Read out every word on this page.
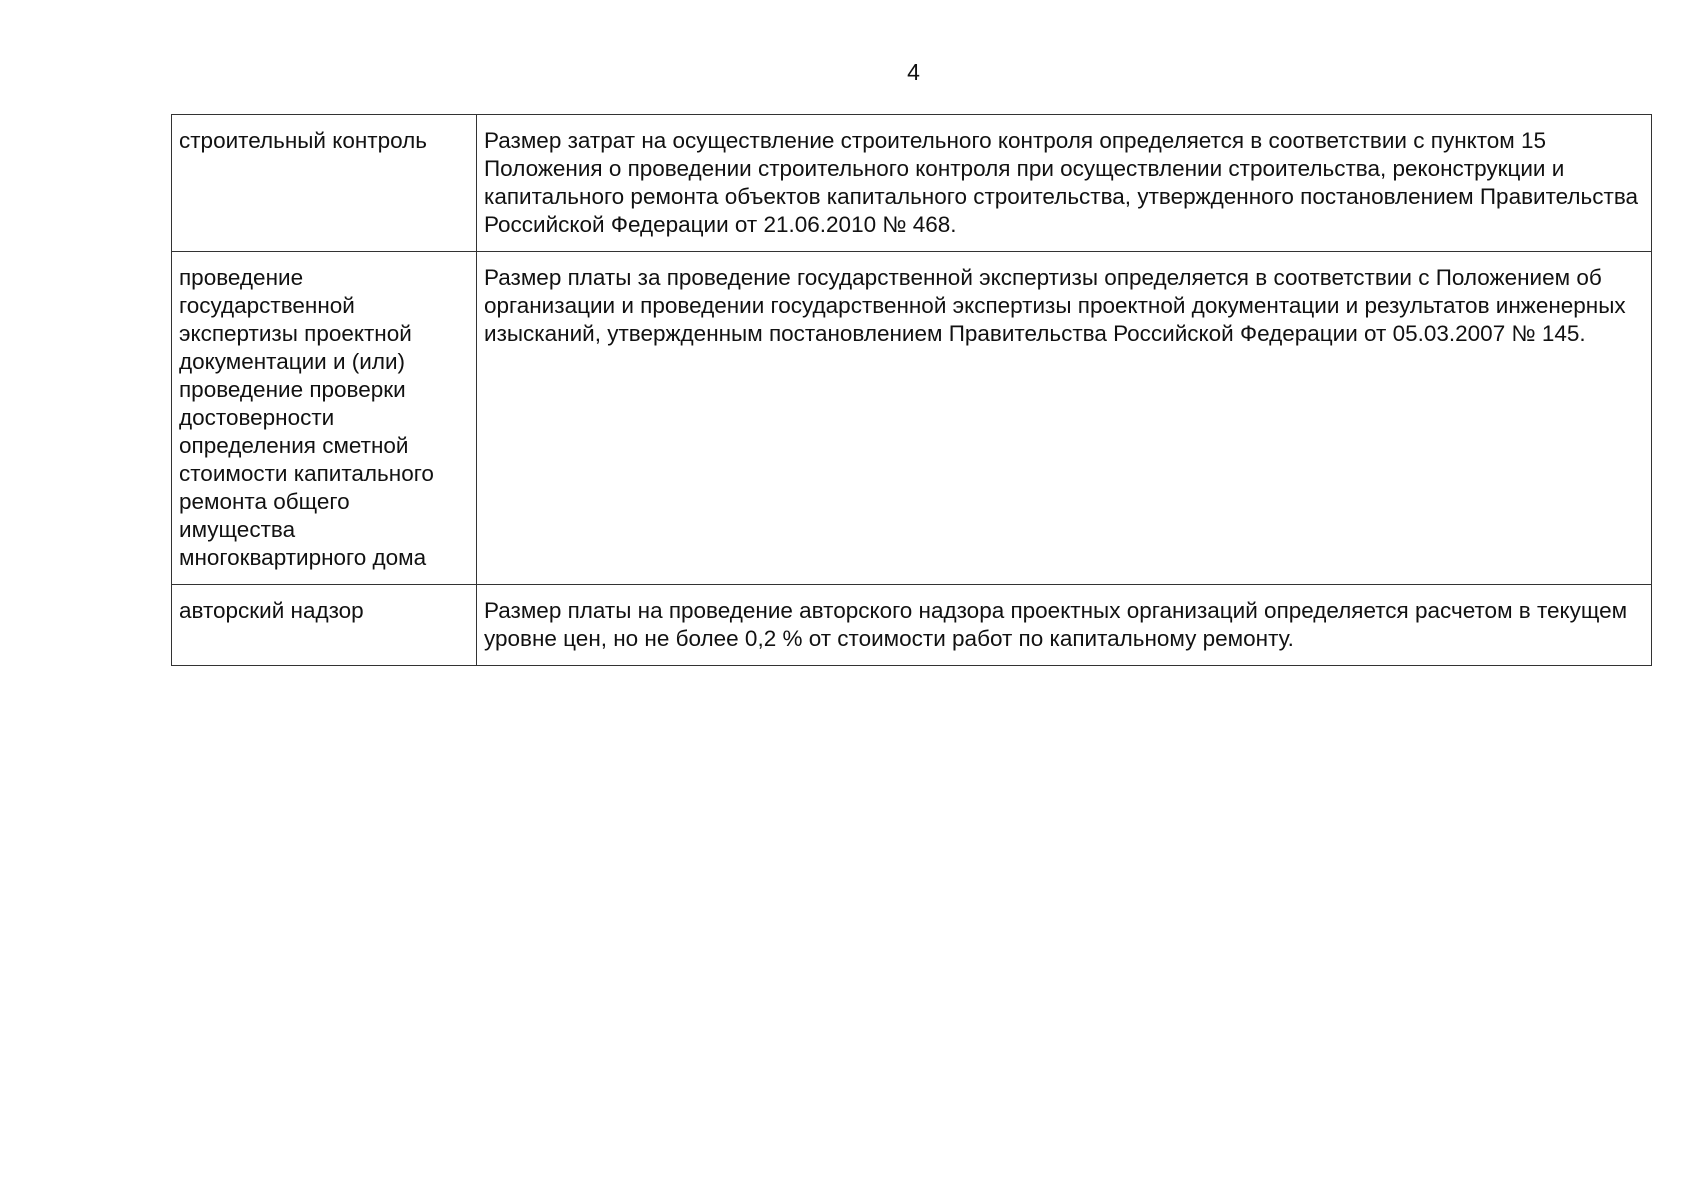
4
строительный контроль	Размер затрат на осуществление строительного контроля определяется в соответствии с пунктом 15 Положения о проведении строительного контроля при осуществлении строительства, реконструкции и капитального ремонта объектов капитального строительства, утвержденного постановлением Правительства Российской Федерации от 21.06.2010 № 468.
проведение государственной экспертизы проектной документации и (или) проведение проверки достоверности определения сметной стоимости капитального ремонта общего имущества многоквартирного дома	Размер платы за проведение государственной экспертизы определяется в соответствии с Положением об организации и проведении государственной экспертизы проектной документации и результатов инженерных изысканий, утвержденным постановлением Правительства Российской Федерации от 05.03.2007 № 145.
авторский надзор	Размер платы на проведение авторского надзора проектных организаций определяется расчетом в текущем уровне цен, но не более 0,2 % от стоимости работ по капитальному ремонту.
